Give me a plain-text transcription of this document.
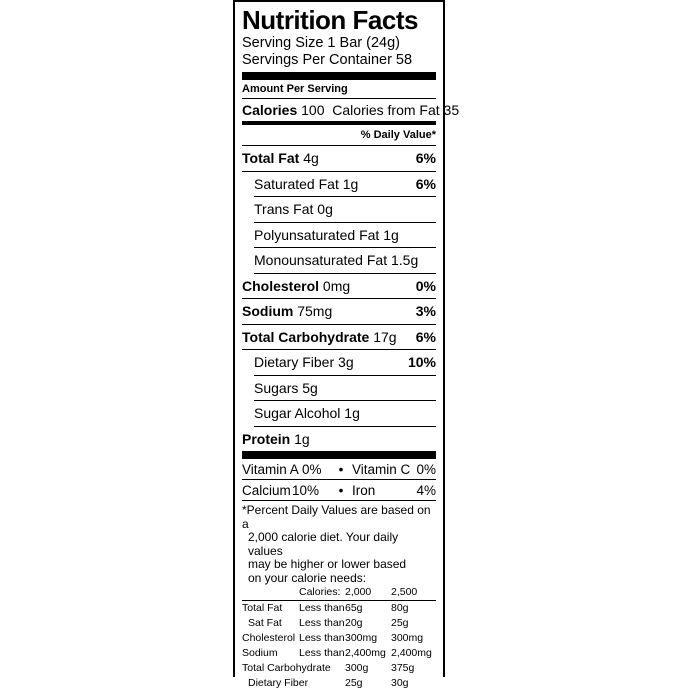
Nutrition Facts
Serving Size 1 Bar (24g)
Servings Per Container 58
Amount Per Serving
Calories
100
Calories from Fat 35
% Daily Value*
Total Fat 4g	6%
Saturated Fat 1g	6%
Trans Fat 0g
Polyunsaturated Fat 1g
Monounsaturated Fat 1.5g
Cholesterol 0mg	0%
Sodium 75mg	3%
Total Carbohydrate 17g 6%
Dietary Fiber 3g	10%
Sugars 5g
Sugar Alcohol 1g
Protein 1g
Vitamin A 0%	• Vitamin C 0%
Calcium 10%	• Iron	4%
*Percent Daily Values are based on a
2,000 calorie diet. Your daily values
may be higher or lower based
on your calorie needs:
	Calories:	2,000	2,500
Total Fat	Less than	65g	80g
Sat Fat	Less than	20g	25g
Cholesterol	Less than	300mg	300mg
Sodium	Less than	2,400mg	2,400mg
Total Carbohydrate		300g	375g
Dietary Fiber		25g	30g
